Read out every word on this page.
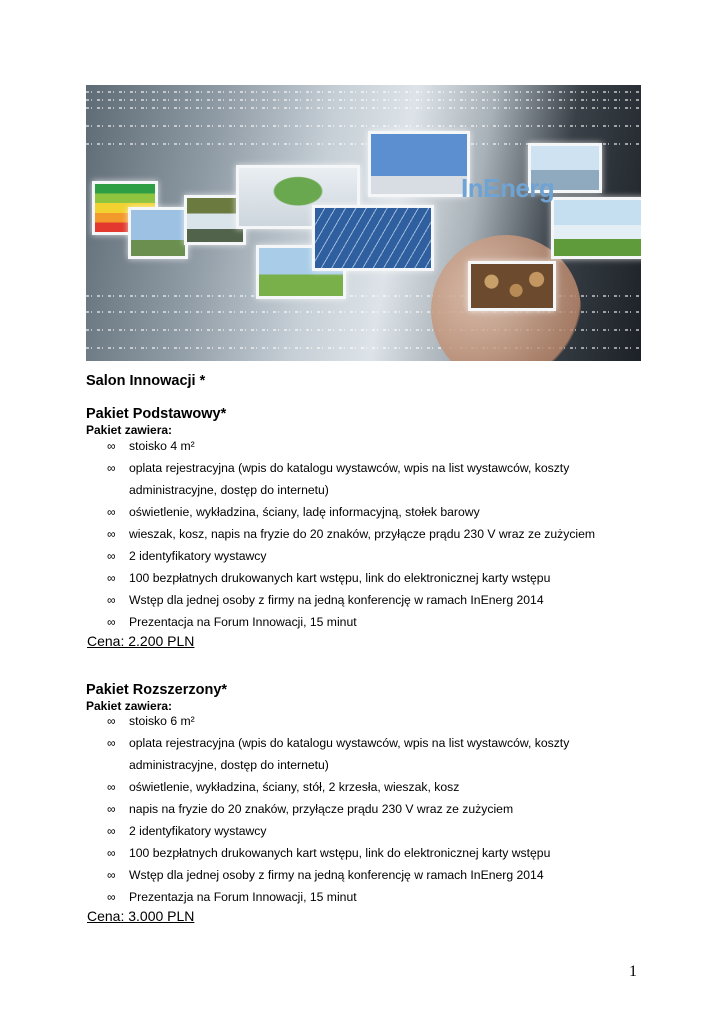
InEnerg
Salon Innowacji *
Pakiet Podstawowy*
Pakiet zawiera:
∞ stoisko 4 m²
∞ oplata rejestracyjna (wpis do katalogu wystawców, wpis na list wystawców, koszty administracyjne, dostęp do internetu)
∞ oświetlenie, wykładzina, ściany, ladę informacyjną, stołek barowy
∞ wieszak, kosz, napis na fryzie do 20 znaków, przyłącze prądu 230 V wraz ze zużyciem
∞ 2 identyfikatory wystawcy
∞ 100 bezpłatnych drukowanych kart wstępu, link do elektronicznej karty wstępu
∞ Wstęp dla jednej osoby z firmy na jedną konferencję w ramach InEnerg 2014
∞ Prezentacja na Forum Innowacji, 15 minut
Cena: 2.200 PLN
Pakiet Rozszerzony*
Pakiet zawiera:
∞ stoisko 6 m²
∞ oplata rejestracyjna (wpis do katalogu wystawców, wpis na list wystawców, koszty administracyjne, dostęp do internetu)
∞ oświetlenie, wykładzina, ściany, stół, 2 krzesła, wieszak, kosz
∞ napis na fryzie do 20 znaków, przyłącze prądu 230 V wraz ze zużyciem
∞ 2 identyfikatory wystawcy
∞ 100 bezpłatnych drukowanych kart wstępu, link do elektronicznej karty wstępu
∞ Wstęp dla jednej osoby z firmy na jedną konferencję w ramach InEnerg 2014
∞ Prezentazja na Forum Innowacji, 15 minut
Cena: 3.000 PLN
1
